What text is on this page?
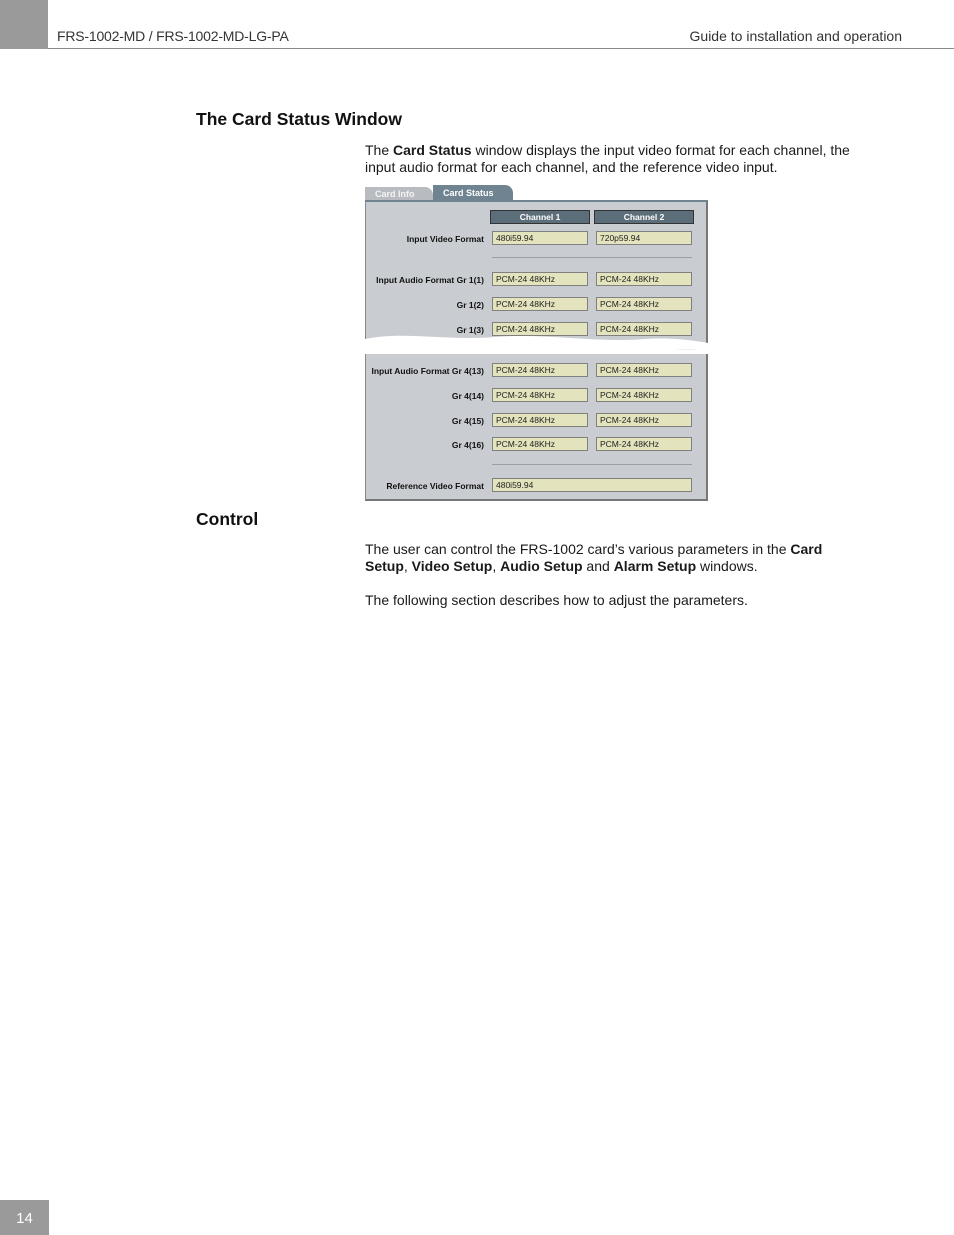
FRS-1002-MD / FRS-1002-MD-LG-PA	Guide to installation and operation
The Card Status Window
The Card Status window displays the input video format for each channel, the input audio format for each channel, and the reference video input.
Card Info	Card Status
Channel 1	Channel 2
Input Video Format	480i59.94	720p59.94
Input Audio Format Gr 1(1)	PCM-24 48KHz	PCM-24 48KHz
Gr 1(2)	PCM-24 48KHz	PCM-24 48KHz
Gr 1(3)	PCM-24 48KHz	PCM-24 48KHz
Input Audio Format Gr 4(13)	PCM-24 48KHz	PCM-24 48KHz
Gr 4(14)	PCM-24 48KHz	PCM-24 48KHz
Gr 4(15)	PCM-24 48KHz	PCM-24 48KHz
Gr 4(16)	PCM-24 48KHz	PCM-24 48KHz
Reference Video Format	480i59.94
Control
The user can control the FRS-1002 card’s various parameters in the Card Setup, Video Setup, Audio Setup and Alarm Setup windows.
The following section describes how to adjust the parameters.
14
